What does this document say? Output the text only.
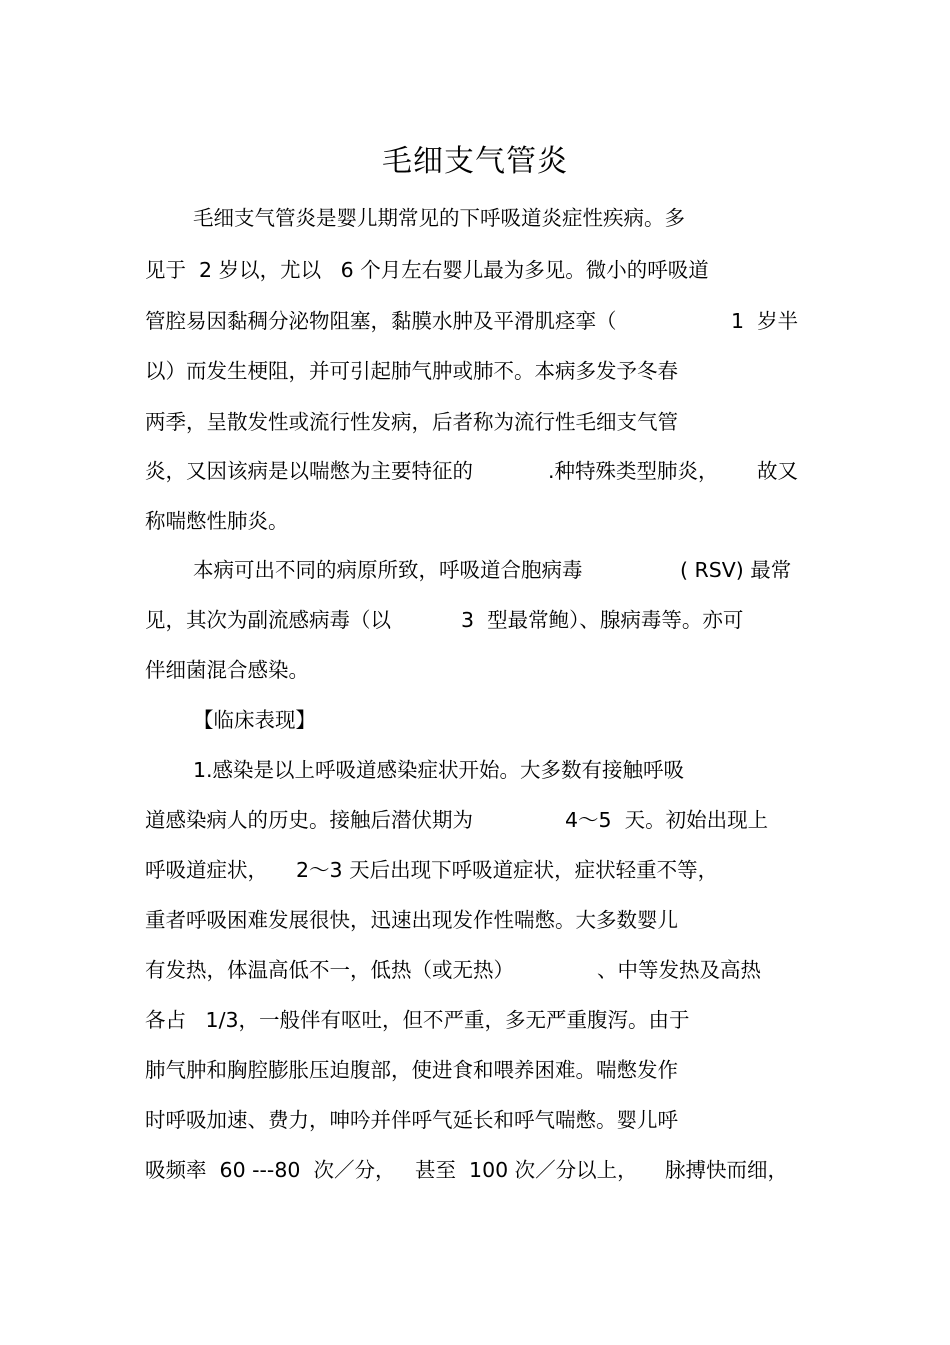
毛细支气管炎

毛细支气管炎是婴儿期常见的下呼吸道炎症性疾病。多

见于  2 岁以，尤以   6 个月左右婴儿最为多见。微小的呼吸道

管腔易因黏稠分泌物阻塞，黏膜水肿及平滑肌痉挛（

	1  岁半

以）而发生梗阻，并可引起肺气肿或肺不。本病多发予冬春

两季，呈散发性或流行性发病，后者称为流行性毛细支气管

炎，又因该病是以喘憋为主要特征的

	.种特殊类型肺炎，

故又

称喘憋性肺炎。

本病可出不同的病原所致，呼吸道合胞病毒

	( RSV) 最常

见，其次为副流感病毒（以

	3  型最常鲍）、腺病毒等。亦可

伴细菌混合感染。

【临床表现】

1.感染是以上呼吸道感染症状开始。大多数有接触呼吸

道感染病人的历史。接触后潜伏期为

	4～5  天。初始出现上

呼吸道症状，

2～3 天后出现下呼吸道症状，症状轻重不等，

重者呼吸困难发展很快，迅速出现发作性喘憋。大多数婴儿

有发热，体温高低不一，低热（或无热）

	、中等发热及高热

各占   1/3，一般伴有呕吐，但不严重，多无严重腹泻。由于

肺气肿和胸腔膨胀压迫腹部，使进食和喂养困难。喘憋发作

时呼吸加速、费力，呻吟并伴呼气延长和呼气喘憋。婴儿呼

吸频率  60 ---80  次／分，

甚至  100 次／分以上，

脉搏快而细，
